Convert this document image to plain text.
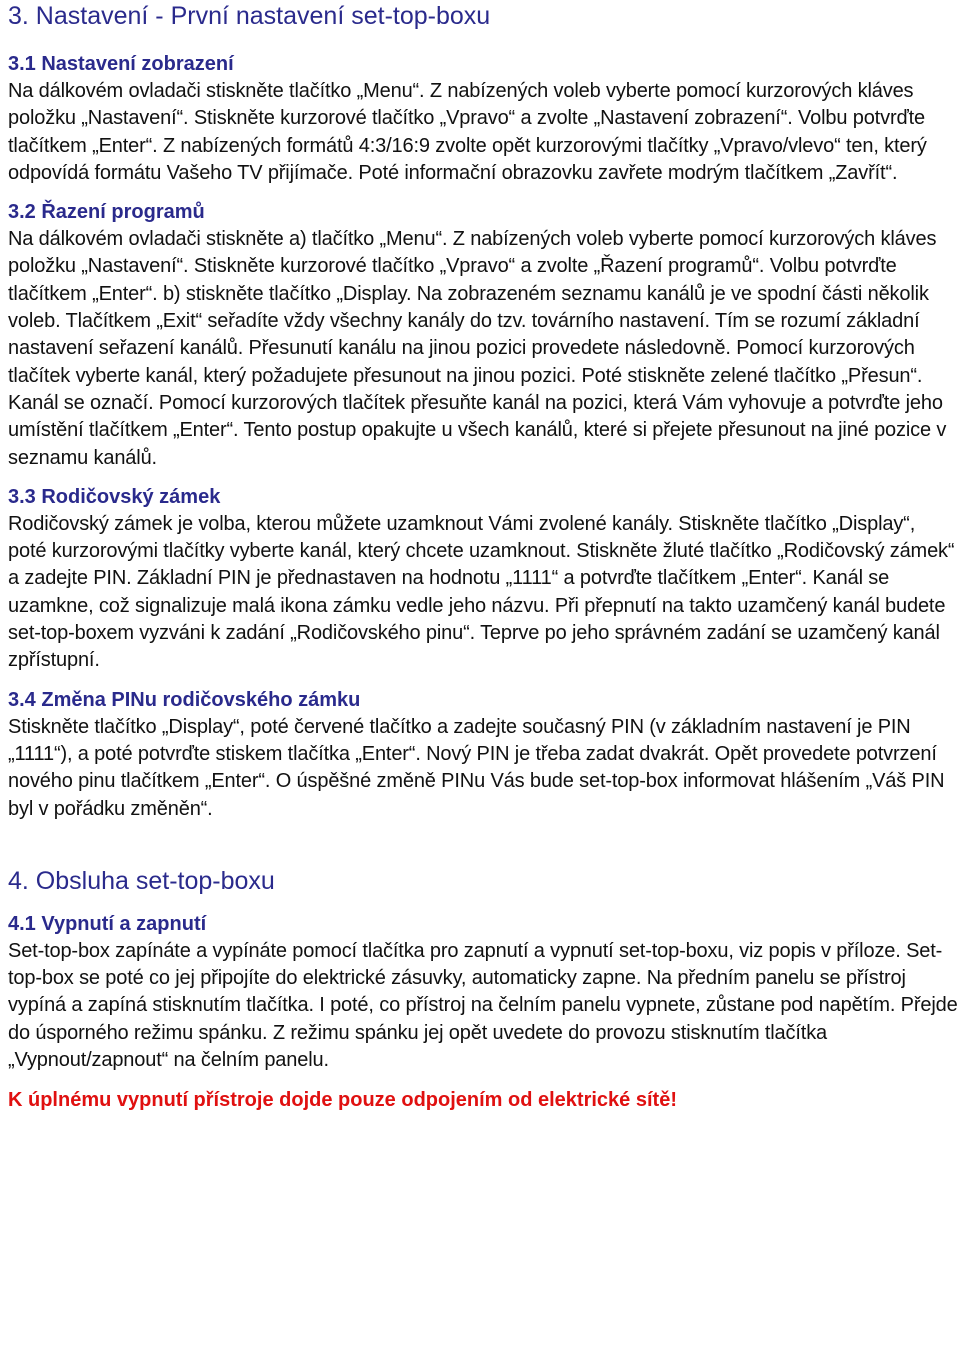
3. Nastavení - První nastavení set-top-boxu
3.1 Nastavení zobrazení

Na dálkovém ovladači stiskněte tlačítko „Menu“. Z nabízených voleb vyberte pomocí kurzorových kláves položku „Nastavení“. Stiskněte kurzorové tlačítko „Vpravo“ a zvolte „Nastavení zobrazení“. Volbu potvrďte tlačítkem „Enter“. Z nabízených formátů 4:3/16:9 zvolte opět kurzorovými tlačítky „Vpravo/vlevo“ ten, který odpovídá formátu Vašeho TV přijímače. Poté informační obrazovku zavřete modrým tlačítkem „Zavřít“.

3.2 Řazení programů

Na dálkovém ovladači stiskněte a) tlačítko „Menu“. Z nabízených voleb vyberte pomocí kurzorových kláves položku „Nastavení“. Stiskněte kurzorové tlačítko „Vpravo“ a zvolte „Řazení programů“. Volbu potvrďte tlačítkem „Enter“. b) stiskněte tlačítko „Display. Na zobrazeném seznamu kanálů je ve spodní části několik voleb. Tlačítkem „Exit“ seřadíte vždy všechny kanály do tzv. továrního nastavení. Tím se rozumí základní nastavení seřazení kanálů. Přesunutí kanálu na jinou pozici provedete následovně. Pomocí kurzorových tlačítek vyberte kanál, který požadujete přesunout na jinou pozici. Poté stiskněte zelené tlačítko „Přesun“. Kanál se označí. Pomocí kurzorových tlačítek přesuňte kanál na pozici, která Vám vyhovuje a potvrďte jeho umístění tlačítkem „Enter“. Tento postup opakujte u všech kanálů, které si přejete přesunout na jiné pozice v seznamu kanálů.

3.3 Rodičovský zámek

Rodičovský zámek je volba, kterou můžete uzamknout Vámi zvolené kanály. Stiskněte tlačítko „Display“, poté kurzorovými tlačítky vyberte kanál, který chcete uzamknout. Stiskněte žluté tlačítko „Rodičovský zámek“ a zadejte PIN. Základní PIN je přednastaven na hodnotu „1111“ a potvrďte tlačítkem „Enter“. Kanál se uzamkne, což signalizuje malá ikona zámku vedle jeho názvu. Při přepnutí na takto uzamčený kanál budete set-top-boxem vyzváni k zadání „Rodičovského pinu“. Teprve po jeho správném zadání se uzamčený kanál zpřístupní.

3.4 Změna PINu rodičovského zámku

Stiskněte tlačítko „Display“, poté červené tlačítko a zadejte současný PIN (v základním nastavení je PIN „1111“), a poté potvrďte stiskem tlačítka „Enter“. Nový PIN je třeba zadat dvakrát. Opět provedete potvrzení nového pinu tlačítkem „Enter“. O úspěšné změně PINu Vás bude set-top-box informovat hlášením „Váš PIN byl v pořádku změněn“.

4. Obsluha set-top-boxu
4.1 Vypnutí a zapnutí

Set-top-box zapínáte a vypínáte pomocí tlačítka pro zapnutí a vypnutí set-top-boxu, viz popis v příloze. Set-top-box se poté co jej připojíte do elektrické zásuvky, automaticky zapne. Na předním panelu se přístroj vypíná a zapíná stisknutím tlačítka. I poté, co přístroj na čelním panelu vypnete, zůstane pod napětím. Přejde do úsporného režimu spánku. Z režimu spánku jej opět uvedete do provozu stisknutím tlačítka „Vypnout/zapnout“ na čelním panelu.

K úplnému vypnutí přístroje dojde pouze odpojením od elektrické sítě!
